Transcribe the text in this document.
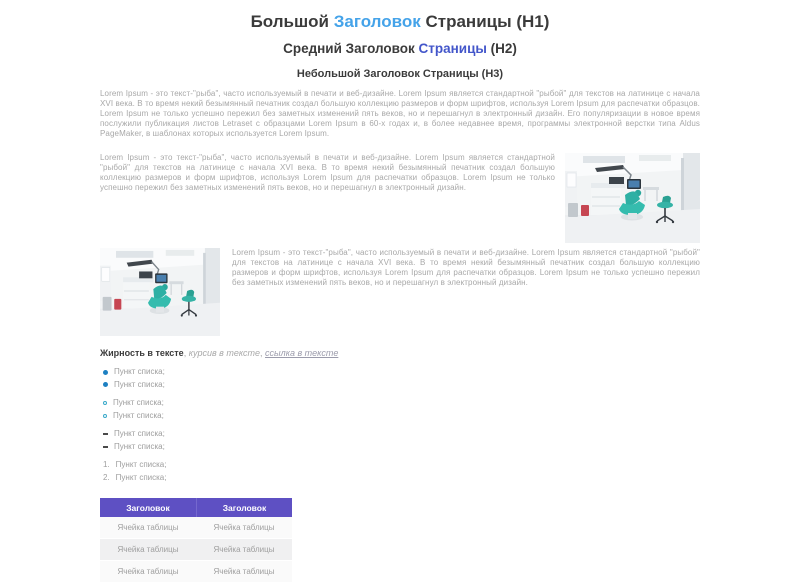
Большой Заголовок Страницы (H1)
Средний Заголовок Страницы (H2)
Небольшой Заголовок Страницы (H3)

Lorem Ipsum - это текст-"рыба", часто используемый в печати и веб-дизайне. Lorem Ipsum является стандартной "рыбой" для текстов на латинице с начала XVI века. В то время некий безымянный печатник создал большую коллекцию размеров и форм шрифтов, используя Lorem Ipsum для распечатки образцов. Lorem Ipsum не только успешно пережил без заметных изменений пять веков, но и перешагнул в электронный дизайн. Его популяризации в новое время послужили публикация листов Letraset с образцами Lorem Ipsum в 60-х годах и, в более недавнее время, программы электронной верстки типа Aldus PageMaker, в шаблонах которых используется Lorem Ipsum.

Lorem Ipsum - это текст-"рыба", часто используемый в печати и веб-дизайне. Lorem Ipsum является стандартной "рыбой" для текстов на латинице с начала XVI века. В то время некий безымянный печатник создал большую коллекцию размеров и форм шрифтов, используя Lorem Ipsum для распечатки образцов. Lorem Ipsum не только успешно пережил без заметных изменений пять веков, но и перешагнул в электронный дизайн.

Lorem Ipsum - это текст-"рыба", часто используемый в печати и веб-дизайне. Lorem Ipsum является стандартной "рыбой" для текстов на латинице с начала XVI века. В то время некий безымянный печатник создал большую коллекцию размеров и форм шрифтов, используя Lorem Ipsum для распечатки образцов. Lorem Ipsum не только успешно пережил без заметных изменений пять веков, но и перешагнул в электронный дизайн.

Жирность в тексте, курсив в тексте, ссылка в тексте
Пункт списка;
Пункт списка;
Пункт списка;
Пункт списка;
Пункт списка;
Пункт списка;
1. Пункт списка;
2. Пункт списка;
Заголовок	Заголовок
Ячейка таблицы	Ячейка таблицы
Ячейка таблицы	Ячейка таблицы
Ячейка таблицы	Ячейка таблицы
